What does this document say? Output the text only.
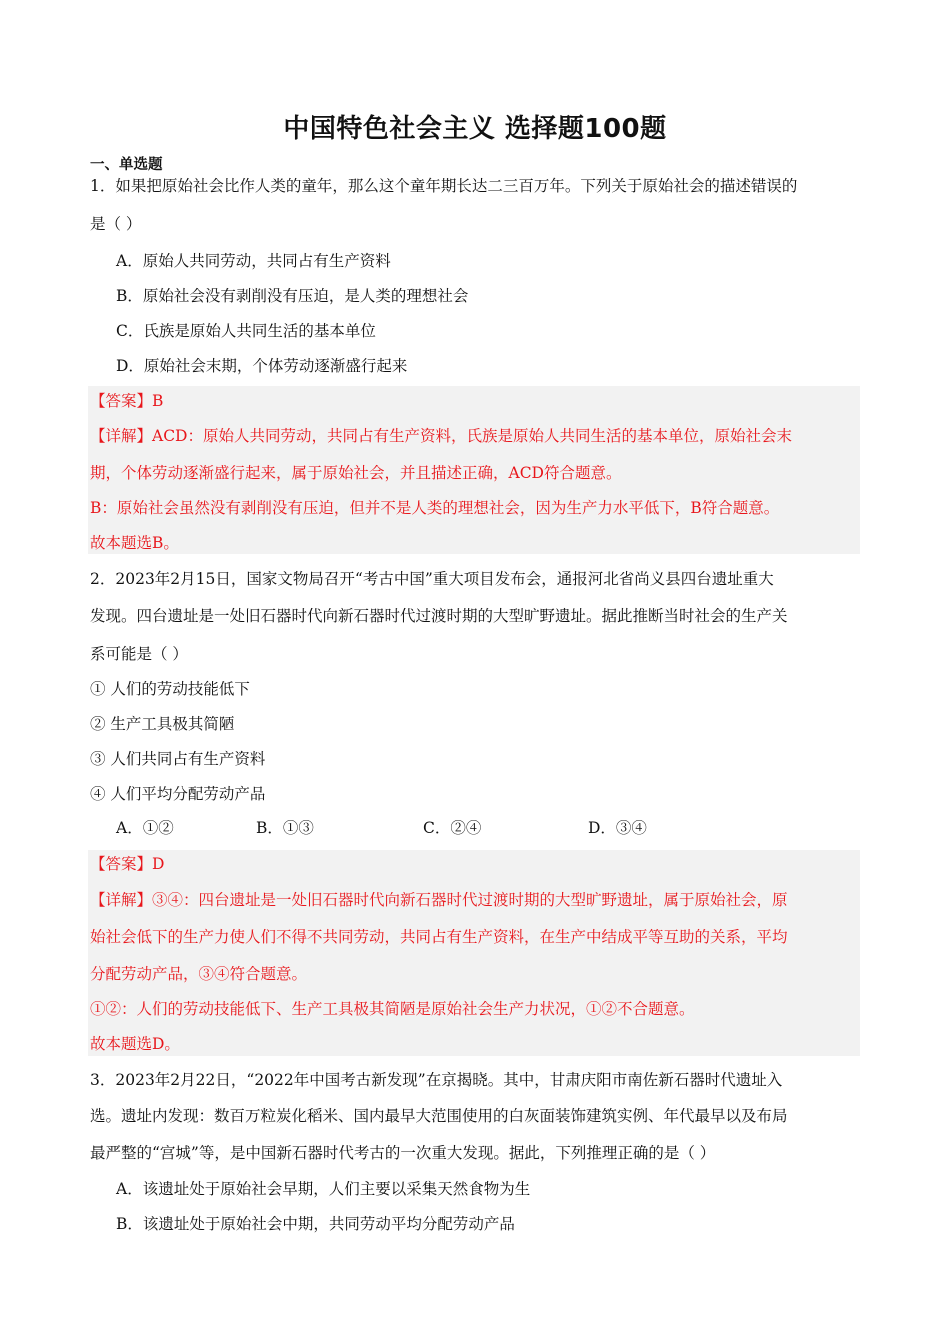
中国特色社会主义 选择题100题
一、单选题
1．如果把原始社会比作人类的童年，那么这个童年期长达二三百万年。下列关于原始社会的描述错误的
是（ ）
A．原始人共同劳动，共同占有生产资料
B．原始社会没有剥削没有压迫，是人类的理想社会
C．氏族是原始人共同生活的基本单位
D．原始社会末期，个体劳动逐渐盛行起来
【答案】B
【详解】ACD：原始人共同劳动，共同占有生产资料，氏族是原始人共同生活的基本单位，原始社会末
期，个体劳动逐渐盛行起来，属于原始社会，并且描述正确，ACD符合题意。
B：原始社会虽然没有剥削没有压迫，但并不是人类的理想社会，因为生产力水平低下，B符合题意。
故本题选B。
2．2023年2月15日，国家文物局召开“考古中国”重大项目发布会，通报河北省尚义县四台遗址重大
发现。四台遗址是一处旧石器时代向新石器时代过渡时期的大型旷野遗址。据此推断当时社会的生产关
系可能是（ ）
① 人们的劳动技能低下
② 生产工具极其简陋
③ 人们共同占有生产资料
④ 人们平均分配劳动产品
A．①②	B．①③	C．②④	D．③④
【答案】D
【详解】③④：四台遗址是一处旧石器时代向新石器时代过渡时期的大型旷野遗址，属于原始社会，原
始社会低下的生产力使人们不得不共同劳动，共同占有生产资料，在生产中结成平等互助的关系，平均
分配劳动产品，③④符合题意。
①②：人们的劳动技能低下、生产工具极其简陋是原始社会生产力状况，①②不合题意。
故本题选D。
3．2023年2月22日，“2022年中国考古新发现”在京揭晓。其中，甘肃庆阳市南佐新石器时代遗址入
选。遗址内发现：数百万粒炭化稻米、国内最早大范围使用的白灰面装饰建筑实例、年代最早以及布局
最严整的“宫城”等，是中国新石器时代考古的一次重大发现。据此，下列推理正确的是（ ）
A．该遗址处于原始社会早期，人们主要以采集天然食物为生
B．该遗址处于原始社会中期，共同劳动平均分配劳动产品
